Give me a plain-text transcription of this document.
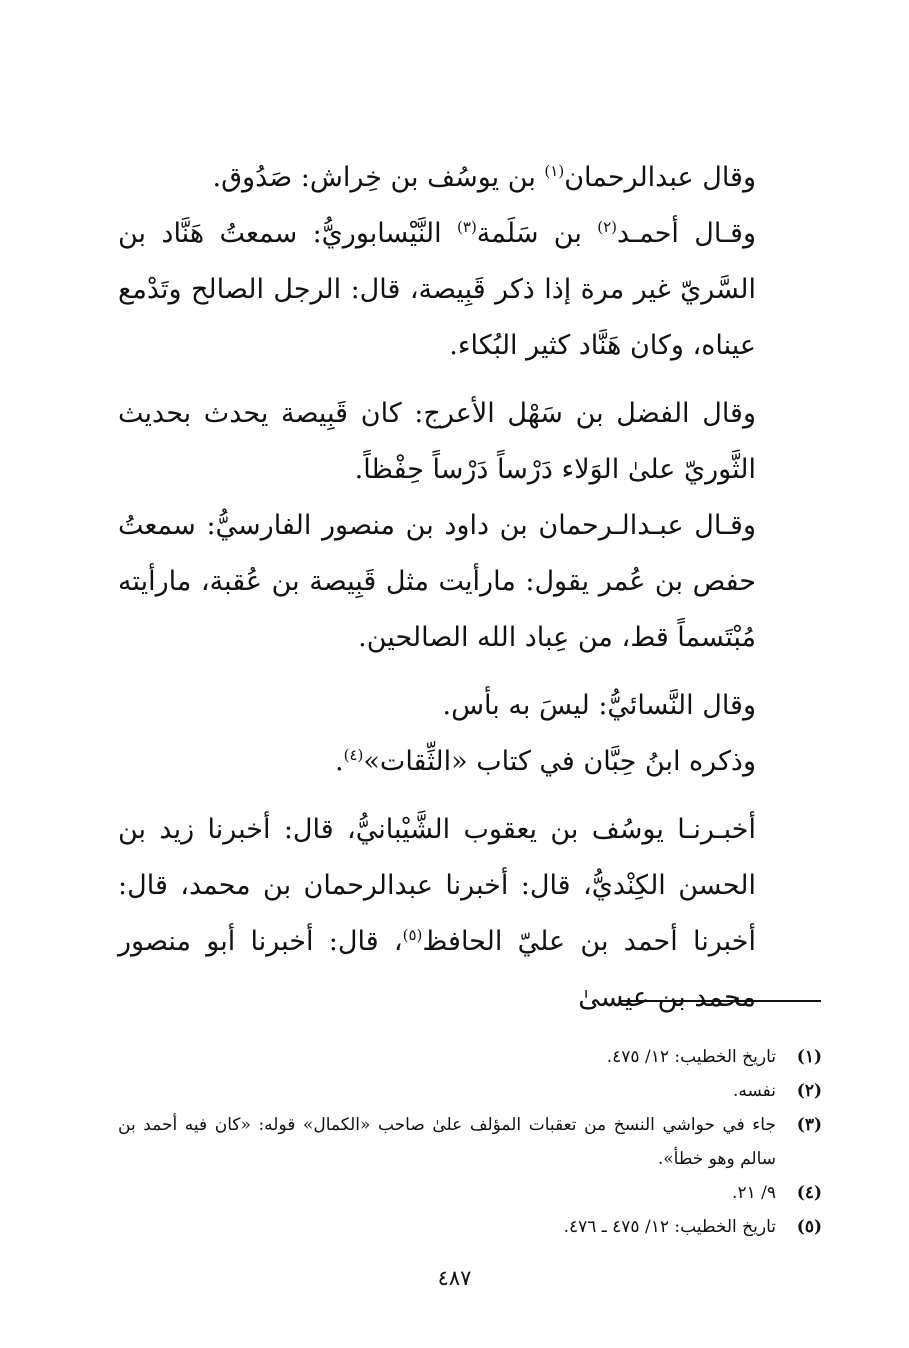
وقال عبدالرحمان$^{(١)}$ بن يوسُف بن خِراش: صَدُوق.

وقـال أحمـد$^{(٢)}$ بن سَلَمة$^{(٣)}$ النَّيْسابوريُّ: سمعتُ هَنَّاد بن السَّريّ غير مرة إذا ذكر قَبِيصة، قال: الرجل الصالح وتَدْمع عيناه، وكان هَنَّاد كثير البُكاء.

وقال الفضل بن سَهْل الأعرج: كان قَبِيصة يحدث بحديث الثَّوريّ علىٰ الوَلاء دَرْساً دَرْساً حِفْظاً.

وقـال عبـدالـرحمان بن داود بن منصور الفارسيُّ: سمعتُ حفص بن عُمر يقول: مارأيت مثل قَبِيصة بن عُقبة، مارأيته مُبْتَسماً قط، من عِباد الله الصالحين.

وقال النَّسائيُّ: ليسَ به بأس.

وذكره ابنُ حِبَّان في كتاب «الثِّقات»$^{(٤)}$.

أخبـرنـا يوسُف بن يعقوب الشَّيْبانيُّ، قال: أخبرنا زيد بن الحسن الكِنْديُّ، قال: أخبرنا عبدالرحمان بن محمد، قال: أخبرنا أحمد بن عليّ الحافظ$^{(٥)}$، قال: أخبرنا أبو منصور محمد بن عيسىٰ

(١)
تاريخ الخطيب: ١٢/ ٤٧٥.
(٢)
نفسه.
(٣)
جاء في حواشي النسخ من تعقبات المؤلف علىٰ صاحب «الكمال» قوله: «كان فيه أحمد بن سالم وهو خطأ».
(٤)
٩/ ٢١.
(٥)
تاريخ الخطيب: ١٢/ ٤٧٥ ـ ٤٧٦.
٤٨٧
